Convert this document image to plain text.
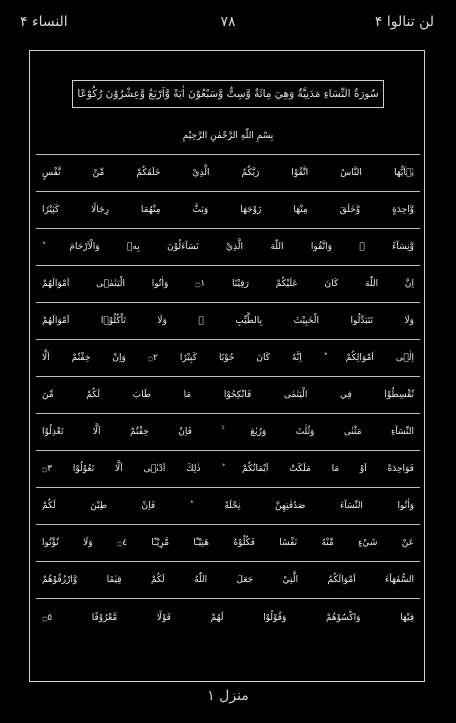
لن تنالوا ۴
۷۸
النساء ۴
سُورَةُ النِّسَاءِ مَدَنِيَّةٌ وَهِيَ مِائَةٌ وَّسِتٌّ وَّسَبْعُوْنَ اٰيَةً وَّاَرْبَعٌ وَّعِشْرُوْنَ رُكُوْعًا
بِسْمِ اللّٰهِ الرَّحْمٰنِ الرَّحِيْمِ
يٰۤاَيُّهَا النَّاسُ اتَّقُوْا رَبَّكُمُ الَّذِيْ خَلَقَكُمْ مِّنْ نَّفْسٍ
وَّاحِدَةٍ وَّخَلَقَ مِنْهَا زَوْجَهَا وَبَثَّ مِنْهُمَا رِجَالًا كَثِيْرًا
وَّنِسَآءً ۚ وَاتَّقُوا اللّٰهَ الَّذِيْ تَسَآءَلُوْنَ بِهٖ وَالْاَرْحَامَ ؕ
اِنَّ اللّٰهَ كَانَ عَلَيْكُمْ رَقِيْبًا ۝١ وَاٰتُوا الْيَتٰمٰۤى اَمْوَالَهُمْ
وَلَا تَتَبَدَّلُوا الْخَبِيْثَ بِالطَّيِّبِ ۪ وَلَا تَاْكُلُوْۤا اَمْوَالَهُمْ
اِلٰۤى اَمْوَالِكُمْ ؕ اِنَّهٗ كَانَ حُوْبًا كَبِيْرًا ۝٢ وَاِنْ خِفْتُمْ اَلَّا
تُقْسِطُوْا فِي الْيَتٰمٰى فَانْكِحُوْا مَا طَابَ لَكُمْ مِّنَ
النِّسَآءِ مَثْنٰى وَثُلٰثَ وَرُبٰعَ ۚ فَاِنْ خِفْتُمْ اَلَّا تَعْدِلُوْا
فَوَاحِدَةً اَوْ مَا مَلَكَتْ اَيْمَانُكُمْ ؕ ذٰلِكَ اَدْنٰۤى اَلَّا تَعُوْلُوْا ۝٣
وَاٰتُوا النِّسَآءَ صَدُقٰتِهِنَّ نِحْلَةً ؕ فَاِنْ طِبْنَ لَكُمْ
عَنْ شَيْءٍ مِّنْهُ نَفْسًا فَكُلُوْهُ هَنِيْٓـًٔا مَّرِيْٓـًٔا ۝٤ وَلَا تُؤْتُوا
السُّفَهَآءَ اَمْوَالَكُمُ الَّتِيْ جَعَلَ اللّٰهُ لَكُمْ قِيٰمًا وَّارْزُقُوْهُمْ
فِيْهَا وَاكْسُوْهُمْ وَقُوْلُوْا لَهُمْ قَوْلًا مَّعْرُوْفًا ۝٥
منزل ۱
